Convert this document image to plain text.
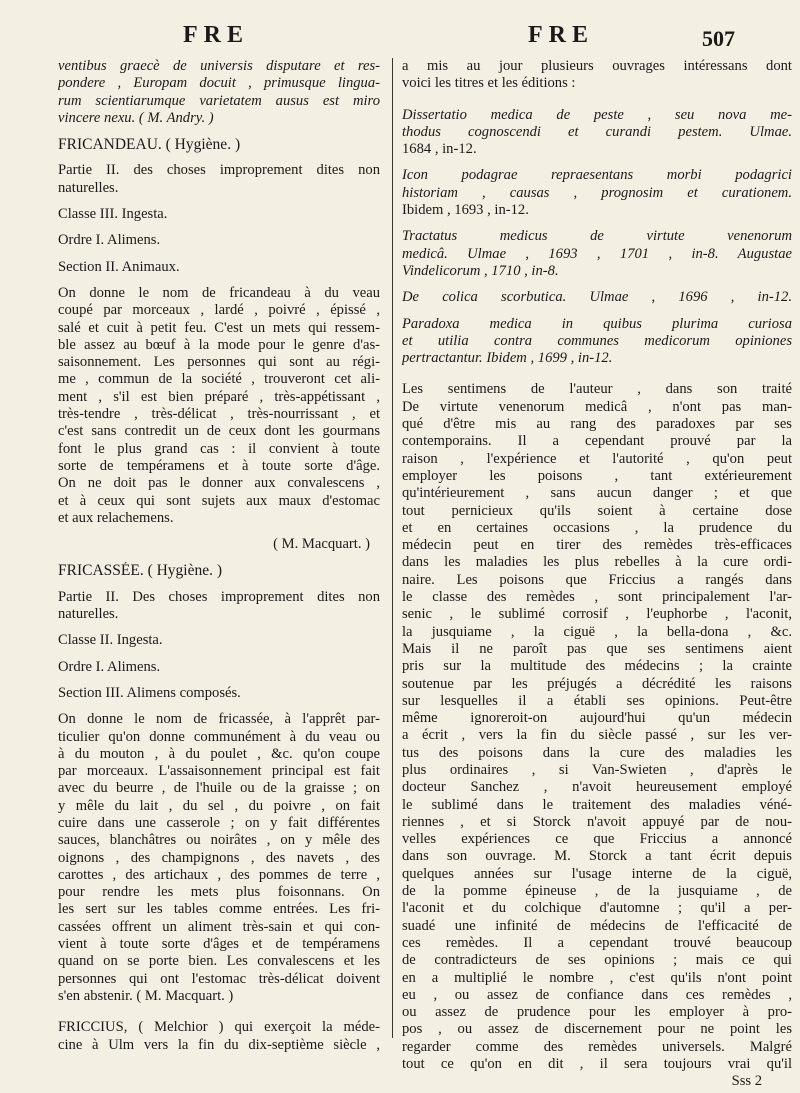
FRE	FRE	507
ventibus graecè de universis disputare et res-
pondere , Europam docuit , primusque lingua-
rum scientiarumque varietatem ausus est miro
vincere nexu. ( M. Andry. )
FRICANDEAU. ( Hygiène. )
Partie II. des choses improprement dites non
naturelles.
Classe III. Ingesta.
Ordre I. Alimens.
Section II. Animaux.
On donne le nom de fricandeau à du veau
coupé par morceaux , lardé , poivré , épissé ,
salé et cuit à petit feu. C'est un mets qui ressem-
ble assez au bœuf à la mode pour le genre d'as-
saisonnement. Les personnes qui sont au régi-
me , commun de la société , trouveront cet ali-
ment , s'il est bien préparé , très-appétissant ,
très-tendre , très-délicat , très-nourrissant , et
c'est sans contredit un de ceux dont les gourmans
font le plus grand cas : il convient à toute
sorte de tempéramens et à toute sorte d'âge.
On ne doit pas le donner aux convalescens ,
et à ceux qui sont sujets aux maux d'estomac
et aux relachemens.
( M. Macquart. )
FRICASSÉE. ( Hygiène. )
Partie II. Des choses improprement dites non
naturelles.
Classe II. Ingesta.
Ordre I. Alimens.
Section III. Alimens composés.
On donne le nom de fricassée, à l'apprêt par-
ticulier qu'on donne communément à du veau ou
à du mouton , à du poulet , &c. qu'on coupe
par morceaux. L'assaisonnement principal est fait
avec du beurre , de l'huile ou de la graisse ; on
y mêle du lait , du sel , du poivre , on fait
cuire dans une casserole ; on y fait différentes
sauces, blanchâtres ou noirâtes , on y mêle des
oignons , des champignons , des navets , des
carottes , des artichaux , des pommes de terre ,
pour rendre les mets plus foisonnans. On
les sert sur les tables comme entrées. Les fri-
cassées offrent un aliment très-sain et qui con-
vient à toute sorte d'âges et de tempéramens
quand on se porte bien. Les convalescens et les
personnes qui ont l'estomac très-délicat doivent
s'en abstenir. ( M. Macquart. )
FRICCIUS, ( Melchior ) qui exerçoit la méde-
cine à Ulm vers la fin du dix-septième siècle ,
a mis au jour plusieurs ouvrages intéressans dont
voici les titres et les éditions :
Dissertatio medica de peste , seu nova me-
thodus cognoscendi et curandi pestem. Ulmae.
1684 , in-12.
Icon podagrae repraesentans morbi podagrici
historiam , causas , prognosim et curationem.
Ibidem , 1693 , in-12.
Tractatus medicus de virtute venenorum
medicâ. Ulmae , 1693 , 1701 , in-8. Augustae
Vindelicorum , 1710 , in-8.
De colica scorbutica. Ulmae , 1696 , in-12.
Paradoxa medica in quibus plurima curiosa
et utilia contra communes medicorum opiniones
pertractantur. Ibidem , 1699 , in-12.
Les sentimens de l'auteur , dans son traité
De virtute venenorum medicâ , n'ont pas man-
qué d'être mis au rang des paradoxes par ses
contemporains. Il a cependant prouvé par la
raison , l'expérience et l'autorité , qu'on peut
employer les poisons , tant extérieurement
qu'intérieurement , sans aucun danger ; et que
tout pernicieux qu'ils soient à certaine dose
et en certaines occasions , la prudence du
médecin peut en tirer des remèdes très-efficaces
dans les maladies les plus rebelles à la cure ordi-
naire. Les poisons que Friccius a rangés dans
le classe des remèdes , sont principalement l'ar-
senic , le sublimé corrosif , l'euphorbe , l'aconit,
la jusquiame , la ciguë , la bella-dona , &c.
Mais il ne paroît pas que ses sentimens aient
pris sur la multitude des médecins ; la crainte
soutenue par les préjugés a décrédité les raisons
sur lesquelles il a établi ses opinions. Peut-être
même ignoreroit-on aujourd'hui qu'un médecin
a écrit , vers la fin du siècle passé , sur les ver-
tus des poisons dans la cure des maladies les
plus ordinaires , si Van-Swieten , d'après le
docteur Sanchez , n'avoit heureusement employé
le sublimé dans le traitement des maladies véné-
riennes , et si Storck n'avoit appuyé par de nou-
velles expériences ce que Friccius a annoncé
dans son ouvrage. M. Storck a tant écrit depuis
quelques années sur l'usage interne de la ciguë,
de la pomme épineuse , de la jusquiame , de
l'aconit et du colchique d'automne ; qu'il a per-
suadé une infinité de médecins de l'efficacité de
ces remèdes. Il a cependant trouvé beaucoup
de contradicteurs de ses opinions ; mais ce qui
en a multiplié le nombre , c'est qu'ils n'ont point
eu , ou assez de confiance dans ces remèdes ,
ou assez de prudence pour les employer à pro-
pos , ou assez de discernement pour ne point les
regarder comme des remèdes universels. Malgré
tout ce qu'on en dit , il sera toujours vrai qu'il
Sss 2
